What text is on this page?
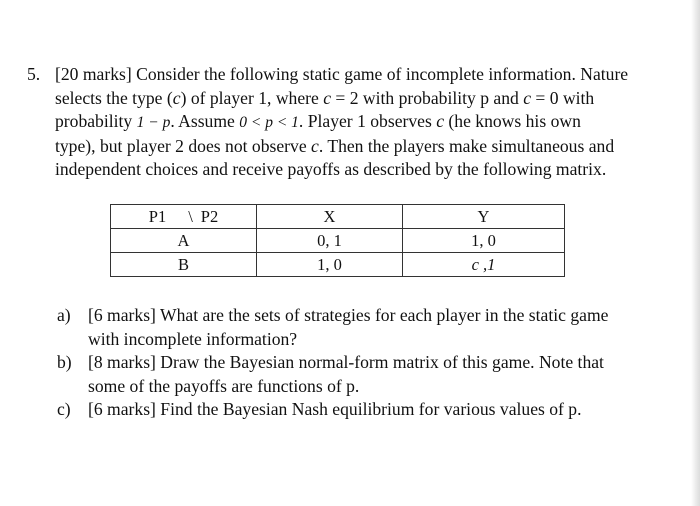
5. [20 marks] Consider the following static game of incomplete information. Nature
selects the type (c) of player 1, where c = 2 with probability p and c = 0 with
probability 1 − p. Assume 0 < p < 1. Player 1 observes c (he knows his own
type), but player 2 does not observe c. Then the players make simultaneous and
independent choices and receive payoffs as described by the following matrix.
P1 \ P2	X	Y
A	0, 1	1, 0
B	1, 0	c ,1
a) [6 marks] What are the sets of strategies for each player in the static game
with incomplete information?
b) [8 marks] Draw the Bayesian normal-form matrix of this game. Note that
some of the payoffs are functions of p.
c) [6 marks] Find the Bayesian Nash equilibrium for various values of p.
